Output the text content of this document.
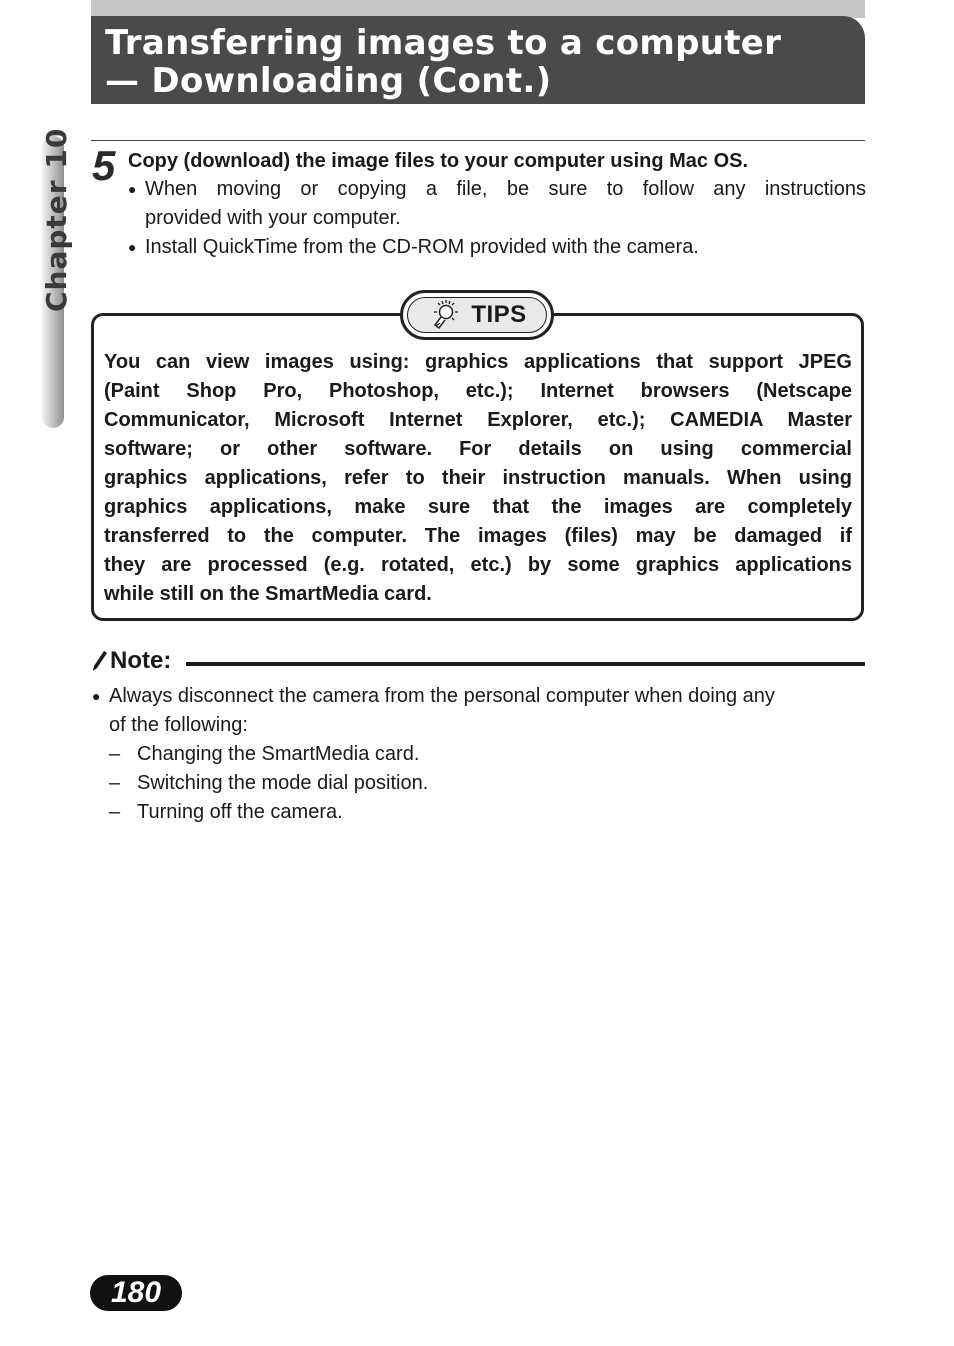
Transferring images to a computer
— Downloading (Cont.)
Chapter 10 5 Copy (download) the image files to your computer using Mac OS.
● When moving or copying a file, be sure to follow any instructions
provided with your computer.
● Install QuickTime from the CD-ROM provided with the camera.
TIPS
You can view images using: graphics applications that support JPEG
(Paint Shop Pro, Photoshop, etc.); Internet browsers (Netscape
Communicator, Microsoft Internet Explorer, etc.); CAMEDIA Master
software; or other software. For details on using commercial
graphics applications, refer to their instruction manuals. When using
graphics applications, make sure that the images are completely
transferred to the computer. The images (files) may be damaged if
they are processed (e.g. rotated, etc.) by some graphics applications
while still on the SmartMedia card.
Note:
● Always disconnect the camera from the personal computer when doing any
of the following:
– Changing the SmartMedia card.
– Switching the mode dial position.
– Turning off the camera.
180
